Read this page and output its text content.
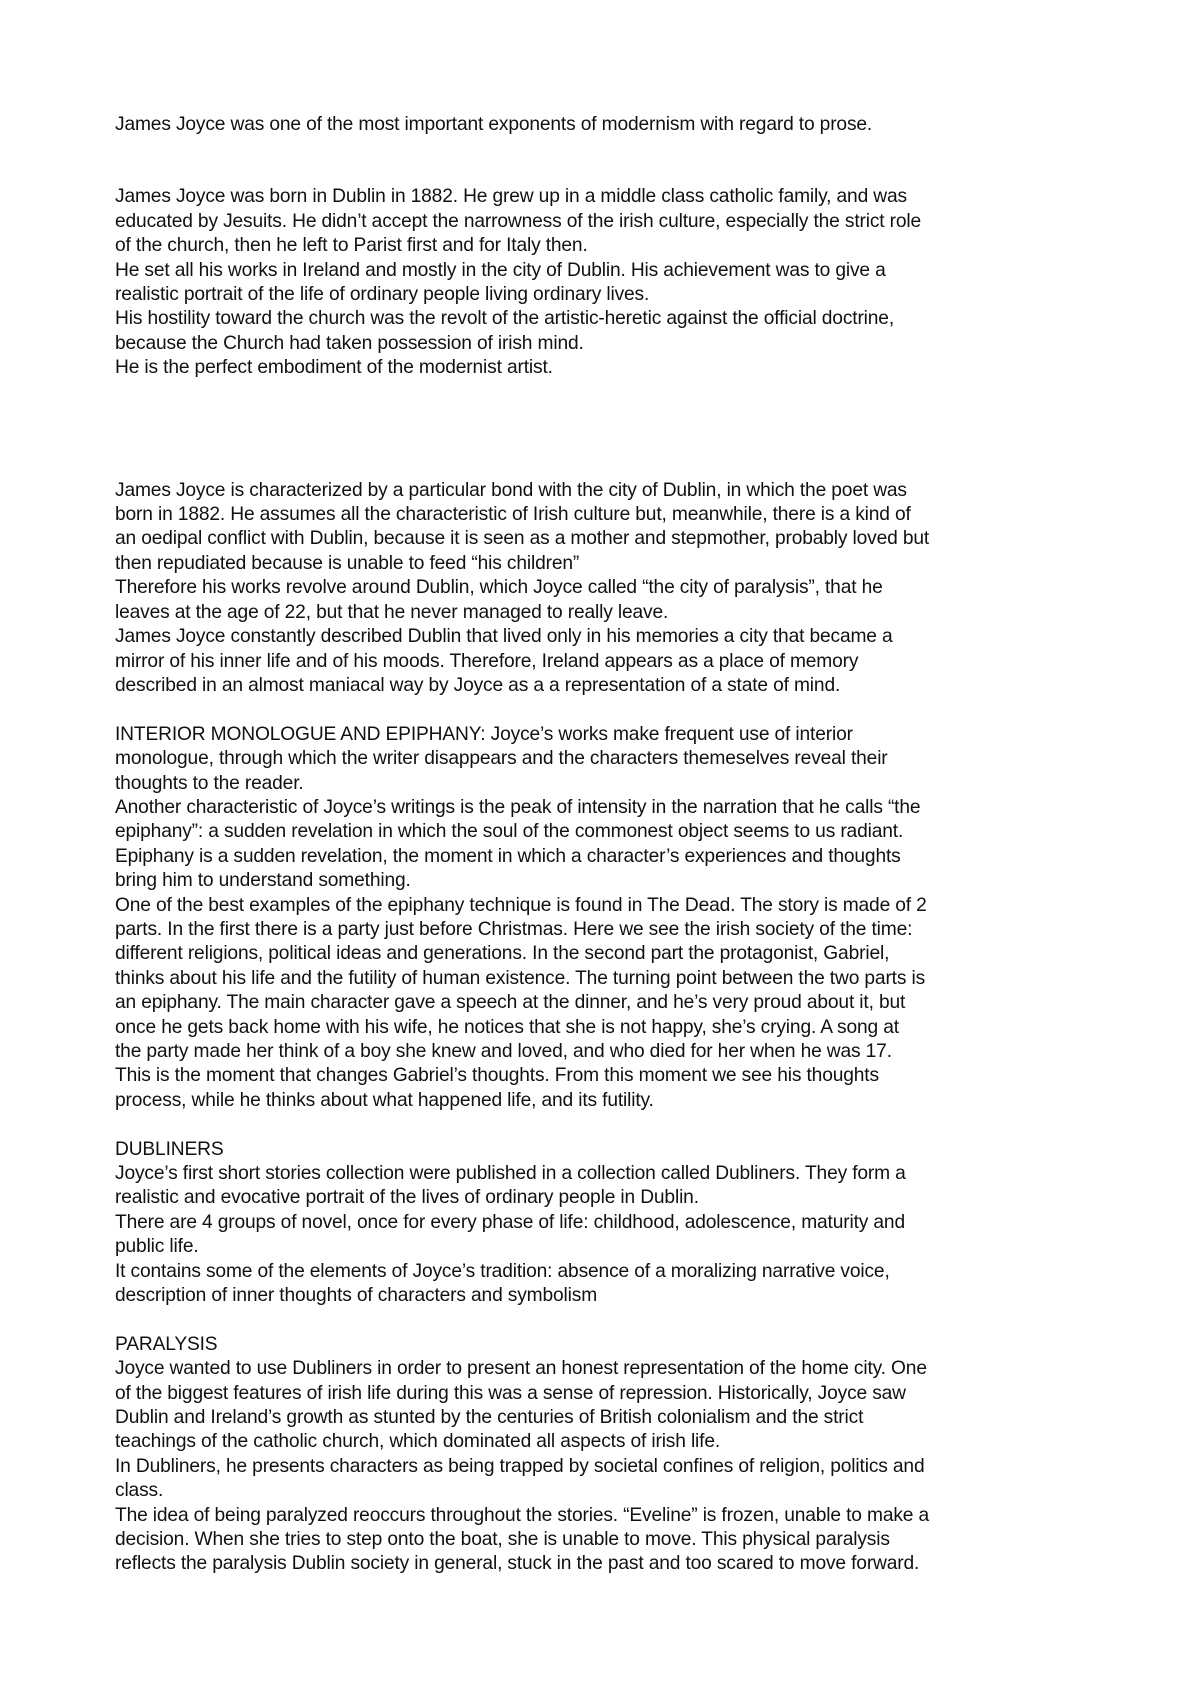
James Joyce was one of the most important exponents of modernism with regard to prose.

James Joyce was born in Dublin in 1882. He grew up in a middle class catholic family, and was

educated by Jesuits. He didn’t accept the narrowness of the irish culture, especially the strict role

of the church, then he left to Parist first and for Italy then.

He set all his works in Ireland and mostly in the city of Dublin. His achievement was to give a

realistic portrait of the life of ordinary people living ordinary lives.

His hostility toward the church was the revolt of the artistic-heretic against the official doctrine,

because the Church had taken possession of irish mind.

He is the perfect embodiment of the modernist artist.

James Joyce is characterized by a particular bond with the city of Dublin, in which the poet was

born in 1882. He assumes all the characteristic of Irish culture but, meanwhile, there is a kind of

an oedipal conflict with Dublin, because it is seen as a mother and stepmother, probably loved but

then repudiated because is unable to feed “his children”

Therefore his works revolve around Dublin, which Joyce called “the city of paralysis”, that he

leaves at the age of 22, but that he never managed to really leave.

James Joyce constantly described Dublin that lived only in his memories a city that became a

mirror of his inner life and of his moods. Therefore, Ireland appears as a place of memory

described in an almost maniacal way by Joyce as a a representation of a state of mind.

INTERIOR MONOLOGUE AND EPIPHANY: Joyce’s works make frequent use of interior

monologue, through which the writer disappears and the characters themeselves reveal their

thoughts to the reader.

Another characteristic of Joyce’s writings is the peak of intensity in the narration that he calls “the

epiphany”: a sudden revelation in which the soul of the commonest object seems to us radiant.

Epiphany is a sudden revelation, the moment in which a character’s experiences and thoughts

bring him to understand something.

One of the best examples of the epiphany technique is found in The Dead. The story is made of 2

parts. In the first there is a party just before Christmas. Here we see the irish society of the time:

different religions, political ideas and generations. In the second part the protagonist, Gabriel,

thinks about his life and the futility of human existence. The turning point between the two parts is

an epiphany. The main character gave a speech at the dinner, and he’s very proud about it, but

once he gets back home with his wife, he notices that she is not happy, she’s crying. A song at

the party made her think of a boy she knew and loved, and who died for her when he was 17.

This is the moment that changes Gabriel’s thoughts. From this moment we see his thoughts

process, while he thinks about what happened life, and its futility.

DUBLINERS

Joyce’s first short stories collection were published in a collection called Dubliners. They form a

realistic and evocative portrait of the lives of ordinary people in Dublin.

There are 4 groups of novel, once for every phase of life: childhood, adolescence, maturity and

public life.

It contains some of the elements of Joyce’s tradition: absence of a moralizing narrative voice,

description of inner thoughts of characters and symbolism

PARALYSIS

Joyce wanted to use Dubliners in order to present an honest representation of the home city. One

of the biggest features of irish life during this was a sense of repression. Historically, Joyce saw

Dublin and Ireland’s growth as stunted by the centuries of British colonialism and the strict

teachings of the catholic church, which dominated all aspects of irish life.

In Dubliners, he presents characters as being trapped by societal confines of religion, politics and

class.

The idea of being paralyzed reoccurs throughout the stories. “Eveline” is frozen, unable to make a

decision. When she tries to step onto the boat, she is unable to move. This physical paralysis

reflects the paralysis Dublin society in general, stuck in the past and too scared to move forward.
